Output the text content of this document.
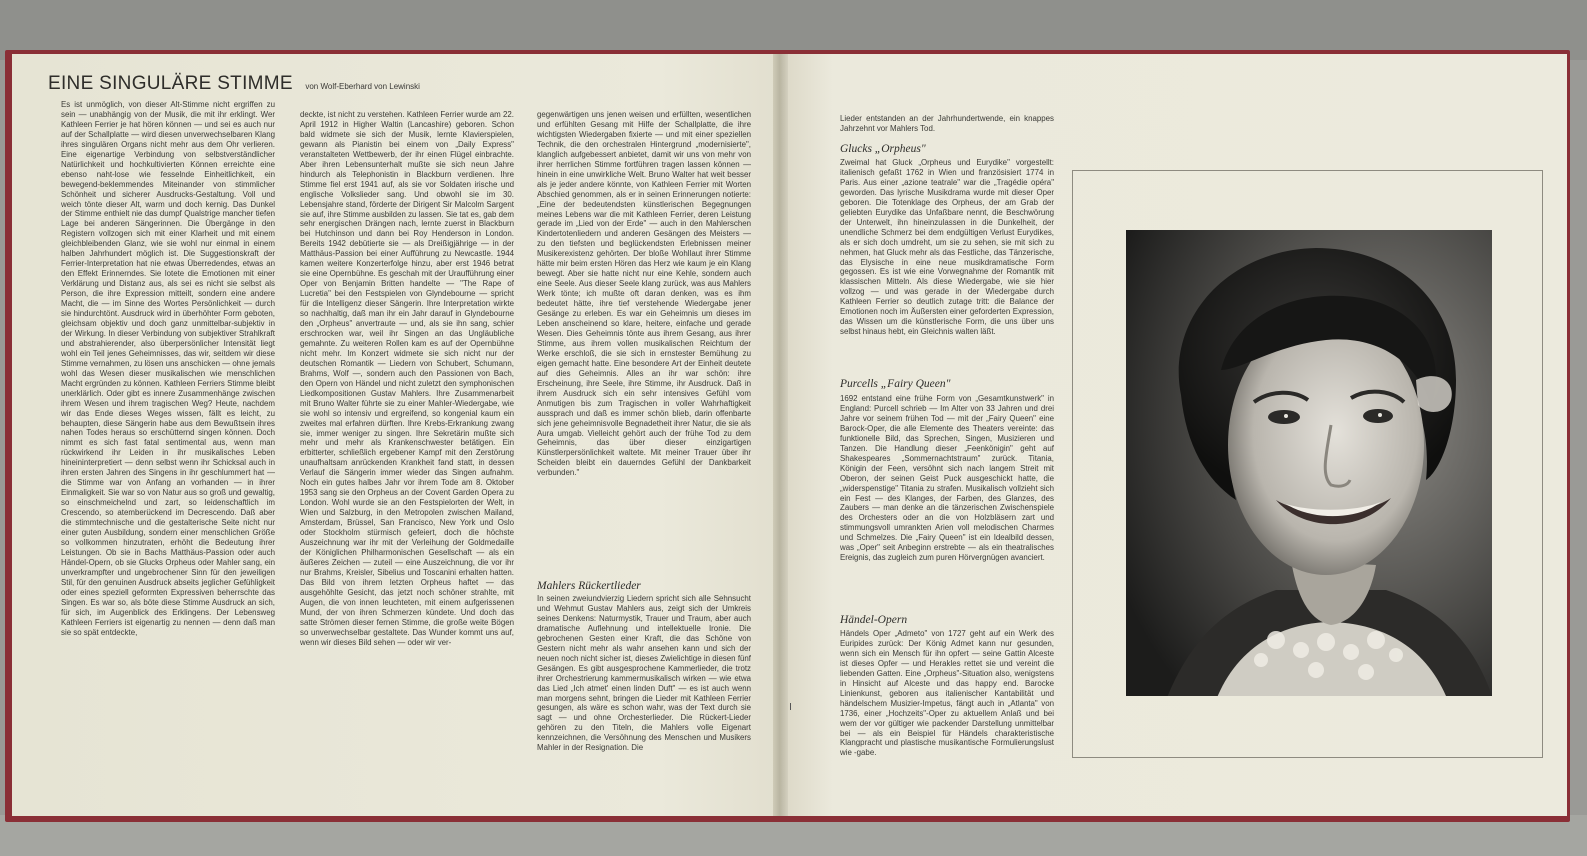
EINE SINGULÄRE STIMME von Wolf-Eberhard von Lewinski

Es ist unmöglich, von dieser Alt-Stimme nicht ergriffen zu sein — unabhängig von der Musik, die mit ihr erklingt. Wer Kathleen Ferrier je hat hören können — und sei es auch nur auf der Schallplatte — wird diesen unverwechselbaren Klang ihres singulären Organs nicht mehr aus dem Ohr verlieren. Eine eigenartige Verbindung von selbstverständlicher Natürlichkeit und hochkultivierten Können erreichte eine ebenso naht-lose wie fesselnde Einheitlichkeit, ein bewegend-beklemmendes Miteinander von stimmlicher Schönheit und sicherer Ausdrucks-Gestaltung. Voll und weich tönte dieser Alt, warm und doch kernig. Das Dunkel der Stimme enthielt nie das dumpf Qualstrige mancher tiefen Lage bei anderen Sängerinnen. Die Übergänge in den Registern vollzogen sich mit einer Klarheit und mit einem gleichbleibenden Glanz, wie sie wohl nur einmal in einem halben Jahrhundert möglich ist. Die Suggestionskraft der Ferrier-Interpretation hat nie etwas Überredendes, etwas an den Effekt Erinnerndes. Sie lotete die Emotionen mit einer Verklärung und Distanz aus, als sei es nicht sie selbst als Person, die ihre Expression mitteilt, sondern eine andere Macht, die — im Sinne des Wortes Persönlichkeit — durch sie hindurchtönt. Ausdruck wird in überhöhter Form geboten, gleichsam objektiv und doch ganz unmittelbar-subjektiv in der Wirkung. In dieser Verbindung von subjektiver Strahlkraft und abstrahierender, also überpersönlicher Intensität liegt wohl ein Teil jenes Geheimnisses, das wir, seitdem wir diese Stimme vernahmen, zu lösen uns anschicken — ohne jemals wohl das Wesen dieser musikalischen wie menschlichen Macht ergründen zu können. Kathleen Ferriers Stimme bleibt unerklärlich. Oder gibt es innere Zusammenhänge zwischen ihrem Wesen und ihrem tragischen Weg? Heute, nachdem wir das Ende dieses Weges wissen, fällt es leicht, zu behaupten, diese Sängerin habe aus dem Bewußtsein ihres nahen Todes heraus so erschütternd singen können. Doch nimmt es sich fast fatal sentimental aus, wenn man rückwirkend ihr Leiden in ihr musikalisches Leben hineininterpretiert — denn selbst wenn ihr Schicksal auch in ihren ersten Jahren des Singens in ihr geschlummert hat — die Stimme war von Anfang an vorhanden — in ihrer Einmaligkeit. Sie war so von Natur aus so groß und gewaltig, so einschmeichelnd und zart, so leidenschaftlich im Crescendo, so atemberückend im Decrescendo. Daß aber die stimmtechnische und die gestalterische Seite nicht nur einer guten Ausbildung, sondern einer menschlichen Größe so vollkommen hinzutraten, erhöht die Bedeutung ihrer Leistungen. Ob sie in Bachs Matthäus-Passion oder auch Händel-Opern, ob sie Glucks Orpheus oder Mahler sang, ein unverkrampfter und ungebrochener Sinn für den jeweiligen Stil, für den genuinen Ausdruck abseits jeglicher Gefühligkeit oder eines speziell geformten Expressiven beherrschte das Singen. Es war so, als böte diese Stimme Ausdruck an sich, für sich, im Augenblick des Erklingens. Der Lebensweg Kathleen Ferriers ist eigenartig zu nennen — denn daß man sie so spät entdeckte,

deckte, ist nicht zu verstehen. Kathleen Ferrier wurde am 22. April 1912 in Higher Waltin (Lancashire) geboren. Schon bald widmete sie sich der Musik, lernte Klavierspielen, gewann als Pianistin bei einem von „Daily Express" veranstalteten Wettbewerb, der ihr einen Flügel einbrachte. Aber ihren Lebensunterhalt mußte sie sich neun Jahre hindurch als Telephonistin in Blackburn verdienen. Ihre Stimme fiel erst 1941 auf, als sie vor Soldaten irische und englische Volkslieder sang. Und obwohl sie im 30. Lebensjahre stand, förderte der Dirigent Sir Malcolm Sargent sie auf, ihre Stimme ausbilden zu lassen. Sie tat es, gab dem sehr energischen Drängen nach, lernte zuerst in Blackburn bei Hutchinson und dann bei Roy Henderson in London. Bereits 1942 debütierte sie — als Dreißigjährige — in der Matthäus-Passion bei einer Aufführung zu Newcastle. 1944 kamen weitere Konzerterfolge hinzu, aber erst 1946 betrat sie eine Opernbühne. Es geschah mit der Uraufführung einer Oper von Benjamin Britten handelte — "The Rape of Lucretia" bei den Festspielen von Glyndebourne — spricht für die Intelligenz dieser Sängerin. Ihre Interpretation wirkte so nachhaltig, daß man ihr ein Jahr darauf in Glyndebourne den „Orpheus" anvertraute — und, als sie ihn sang, schier erschrocken war, weil ihr Singen an das Ungläubliche gemahnte. Zu weiteren Rollen kam es auf der Opernbühne nicht mehr. Im Konzert widmete sie sich nicht nur der deutschen Romantik — Liedern von Schubert, Schumann, Brahms, Wolf —, sondern auch den Passionen von Bach, den Opern von Händel und nicht zuletzt den symphonischen Liedkompositionen Gustav Mahlers. Ihre Zusammenarbeit mit Bruno Walter führte sie zu einer Mahler-Wiedergabe, wie sie wohl so intensiv und ergreifend, so kongenial kaum ein zweites mal erfahren dürften. Ihre Krebs-Erkrankung zwang sie, immer weniger zu singen. Ihre Sekretärin mußte sich mehr und mehr als Krankenschwester betätigen. Ein erbitterter, schließlich ergebener Kampf mit den Zerstörung unaufhaltsam anrückenden Krankheit fand statt, in dessen Verlauf die Sängerin immer wieder das Singen aufnahm. Noch ein gutes halbes Jahr vor ihrem Tode am 8. Oktober 1953 sang sie den Orpheus an der Covent Garden Opera zu London. Wohl wurde sie an den Festspielorten der Welt, in Wien und Salzburg, in den Metropolen zwischen Mailand, Amsterdam, Brüssel, San Francisco, New York und Oslo oder Stockholm stürmisch gefeiert, doch die höchste Auszeichnung war ihr mit der Verleihung der Goldmedaille der Königlichen Philharmonischen Gesellschaft — als ein äußeres Zeichen — zuteil — eine Auszeichnung, die vor ihr nur Brahms, Kreisler, Sibelius und Toscanini erhalten hatten. Das Bild von ihrem letzten Orpheus haftet — das ausgehöhlte Gesicht, das jetzt noch schöner strahlte, mit Augen, die von innen leuchteten, mit einem aufgerissenen Mund, der von ihren Schmerzen kündete. Und doch das satte Strömen dieser fernen Stimme, die große weite Bögen so unverwechselbar gestaltete. Das Wunder kommt uns auf, wenn wir dieses Bild sehen — oder wir ver-

gegenwärtigen uns jenen weisen und erfüllten, wesentlichen und erfühlten Gesang mit Hilfe der Schallplatte, die ihre wichtigsten Wiedergaben fixierte — und mit einer speziellen Technik, die den orchestralen Hintergrund „modernisierte", klanglich aufgebessert anbietet, damit wir uns von mehr von ihrer herrlichen Stimme fortführen tragen lassen können — hinein in eine unwirkliche Welt. Bruno Walter hat weit besser als je jeder andere könnte, von Kathleen Ferrier mit Worten Abschied genommen, als er in seinen Erinnerungen notierte: „Eine der bedeutendsten künstlerischen Begegnungen meines Lebens war die mit Kathleen Ferrier, deren Leistung gerade im „Lied von der Erde" — auch in den Mahlerschen Kindertotenliedern und anderen Gesängen des Meisters — zu den tiefsten und beglückendsten Erlebnissen meiner Musikerexistenz gehörten. Der bloße Wohllaut ihrer Stimme hätte mir beim ersten Hören das Herz wie kaum je ein Klang bewegt. Aber sie hatte nicht nur eine Kehle, sondern auch eine Seele. Aus dieser Seele klang zurück, was aus Mahlers Werk tönte; ich mußte oft daran denken, was es ihm bedeutet hätte, ihre tief verstehende Wiedergabe jener Gesänge zu erleben. Es war ein Geheimnis um dieses im Leben anscheinend so klare, heitere, einfache und gerade Wesen. Dies Geheimnis tönte aus ihrem Gesang, aus ihrer Stimme, aus ihrem vollen musikalischen Reichtum der Werke erschloß, die sie sich in ernstester Bemühung zu eigen gemacht hatte. Eine besondere Art der Einheit deutete auf dies Geheimnis. Alles an ihr war schön: ihre Erscheinung, ihre Seele, ihre Stimme, ihr Ausdruck. Daß in ihrem Ausdruck sich ein sehr intensives Gefühl vom Anmutigen bis zum Tragischen in voller Wahrhaftigkeit aussprach und daß es immer schön blieb, darin offenbarte sich jene geheimnisvolle Begnadetheit ihrer Natur, die sie als Aura umgab. Vielleicht gehört auch der frühe Tod zu dem Geheimnis, das über dieser einzigartigen Künstlerpersönlichkeit waltete. Mit meiner Trauer über ihr Scheiden bleibt ein dauerndes Gefühl der Dankbarkeit verbunden."

Mahlers Rückertlieder

In seinen zweiundvierzig Liedern spricht sich alle Sehnsucht und Wehmut Gustav Mahlers aus, zeigt sich der Umkreis seines Denkens: Naturmystik, Trauer und Traum, aber auch dramatische Auflehnung und intellektuelle Ironie. Die gebrochenen Gesten einer Kraft, die das Schöne von Gestern nicht mehr als wahr ansehen kann und sich der neuen noch nicht sicher ist, dieses Zwielichtige in diesen fünf Gesängen. Es gibt ausgesprochene Kammerlieder, die trotz ihrer Orchestrierung kammermusikalisch wirken — wie etwa das Lied „Ich atmet' einen linden Duft" — es ist auch wenn man morgens sehnt, bringen die Lieder mit Kathleen Ferrier gesungen, als wäre es schon wahr, was der Text durch sie sagt — und ohne Orchesterlieder. Die Rückert-Lieder gehören zu den Titeln, die Mahlers volle Eigenart kennzeichnen, die Versöhnung des Menschen und Musikers Mahler in der Resignation. Die

Lieder entstanden an der Jahrhundertwende, ein knappes Jahrzehnt vor Mahlers Tod.

Glucks „Orpheus"

Zweimal hat Gluck „Orpheus und Eurydike" vorgestellt: italienisch gefaßt 1762 in Wien und französisiert 1774 in Paris. Aus einer „azione teatrale" war die „Tragédie opéra" geworden. Das lyrische Musikdrama wurde mit dieser Oper geboren. Die Totenklage des Orpheus, der am Grab der geliebten Eurydike das Unfaßbare nennt, die Beschwörung der Unterwelt, ihn hineinzulassen in die Dunkelheit, der unendliche Schmerz bei dem endgültigen Verlust Eurydikes, als er sich doch umdreht, um sie zu sehen, sie mit sich zu nehmen, hat Gluck mehr als das Festliche, das Tänzerische, das Elysische in eine neue musikdramatische Form gegossen. Es ist wie eine Vorwegnahme der Romantik mit klassischen Mitteln. Als diese Wiedergabe, wie sie hier vollzog — und was gerade in der Wiedergabe durch Kathleen Ferrier so deutlich zutage tritt: die Balance der Emotionen noch im Äußersten einer geforderten Expression, das Wissen um die künstlerische Form, die uns über uns selbst hinaus hebt, ein Gleichnis walten läßt.

Purcells „Fairy Queen"

1692 entstand eine frühe Form von „Gesamtkunstwerk" in England: Purcell schrieb — Im Alter von 33 Jahren und drei Jahre vor seinem frühen Tod — mit der „Fairy Queen" eine Barock-Oper, die alle Elemente des Theaters vereinte: das funktionelle Bild, das Sprechen, Singen, Musizieren und Tanzen. Die Handlung dieser „Feenkönigin" geht auf Shakespeares „Sommernachtstraum" zurück. Titania, Königin der Feen, versöhnt sich nach langem Streit mit Oberon, der seinen Geist Puck ausgeschickt hatte, die „widerspenstige" Titania zu strafen. Musikalisch vollzieht sich ein Fest — des Klanges, der Farben, des Glanzes, des Zaubers — man denke an die tänzerischen Zwischenspiele des Orchesters oder an die von Holzbläsern zart und stimmungsvoll umrankten Arien voll melodischen Charmes und Schmelzes. Die „Fairy Queen" ist ein Idealbild dessen, was „Oper" seit Anbeginn erstrebte — als ein theatralisches Ereignis, das zugleich zum puren Hörvergnügen avanciert.

Händel-Opern

Händels Oper „Admeto" von 1727 geht auf ein Werk des Euripides zurück: Der König Admet kann nur gesunden, wenn sich ein Mensch für ihn opfert — seine Gattin Alceste ist dieses Opfer — und Herakles rettet sie und vereint die liebenden Gatten. Eine „Orpheus"-Situation also, wenigstens in Hinsicht auf Alceste und das happy end. Barocke Linienkunst, geboren aus italienischer Kantabilität und händelschem Musizier-Impetus, fängt auch in „Atlanta" von 1736, einer „Hochzeits"-Oper zu aktuellem Anlaß und bei wem der vor gültiger wie packender Darstellung unmittelbar bei — als ein Beispiel für Händels charakteristische Klangpracht und plastische musikantische Formulierungslust wie -gabe.
